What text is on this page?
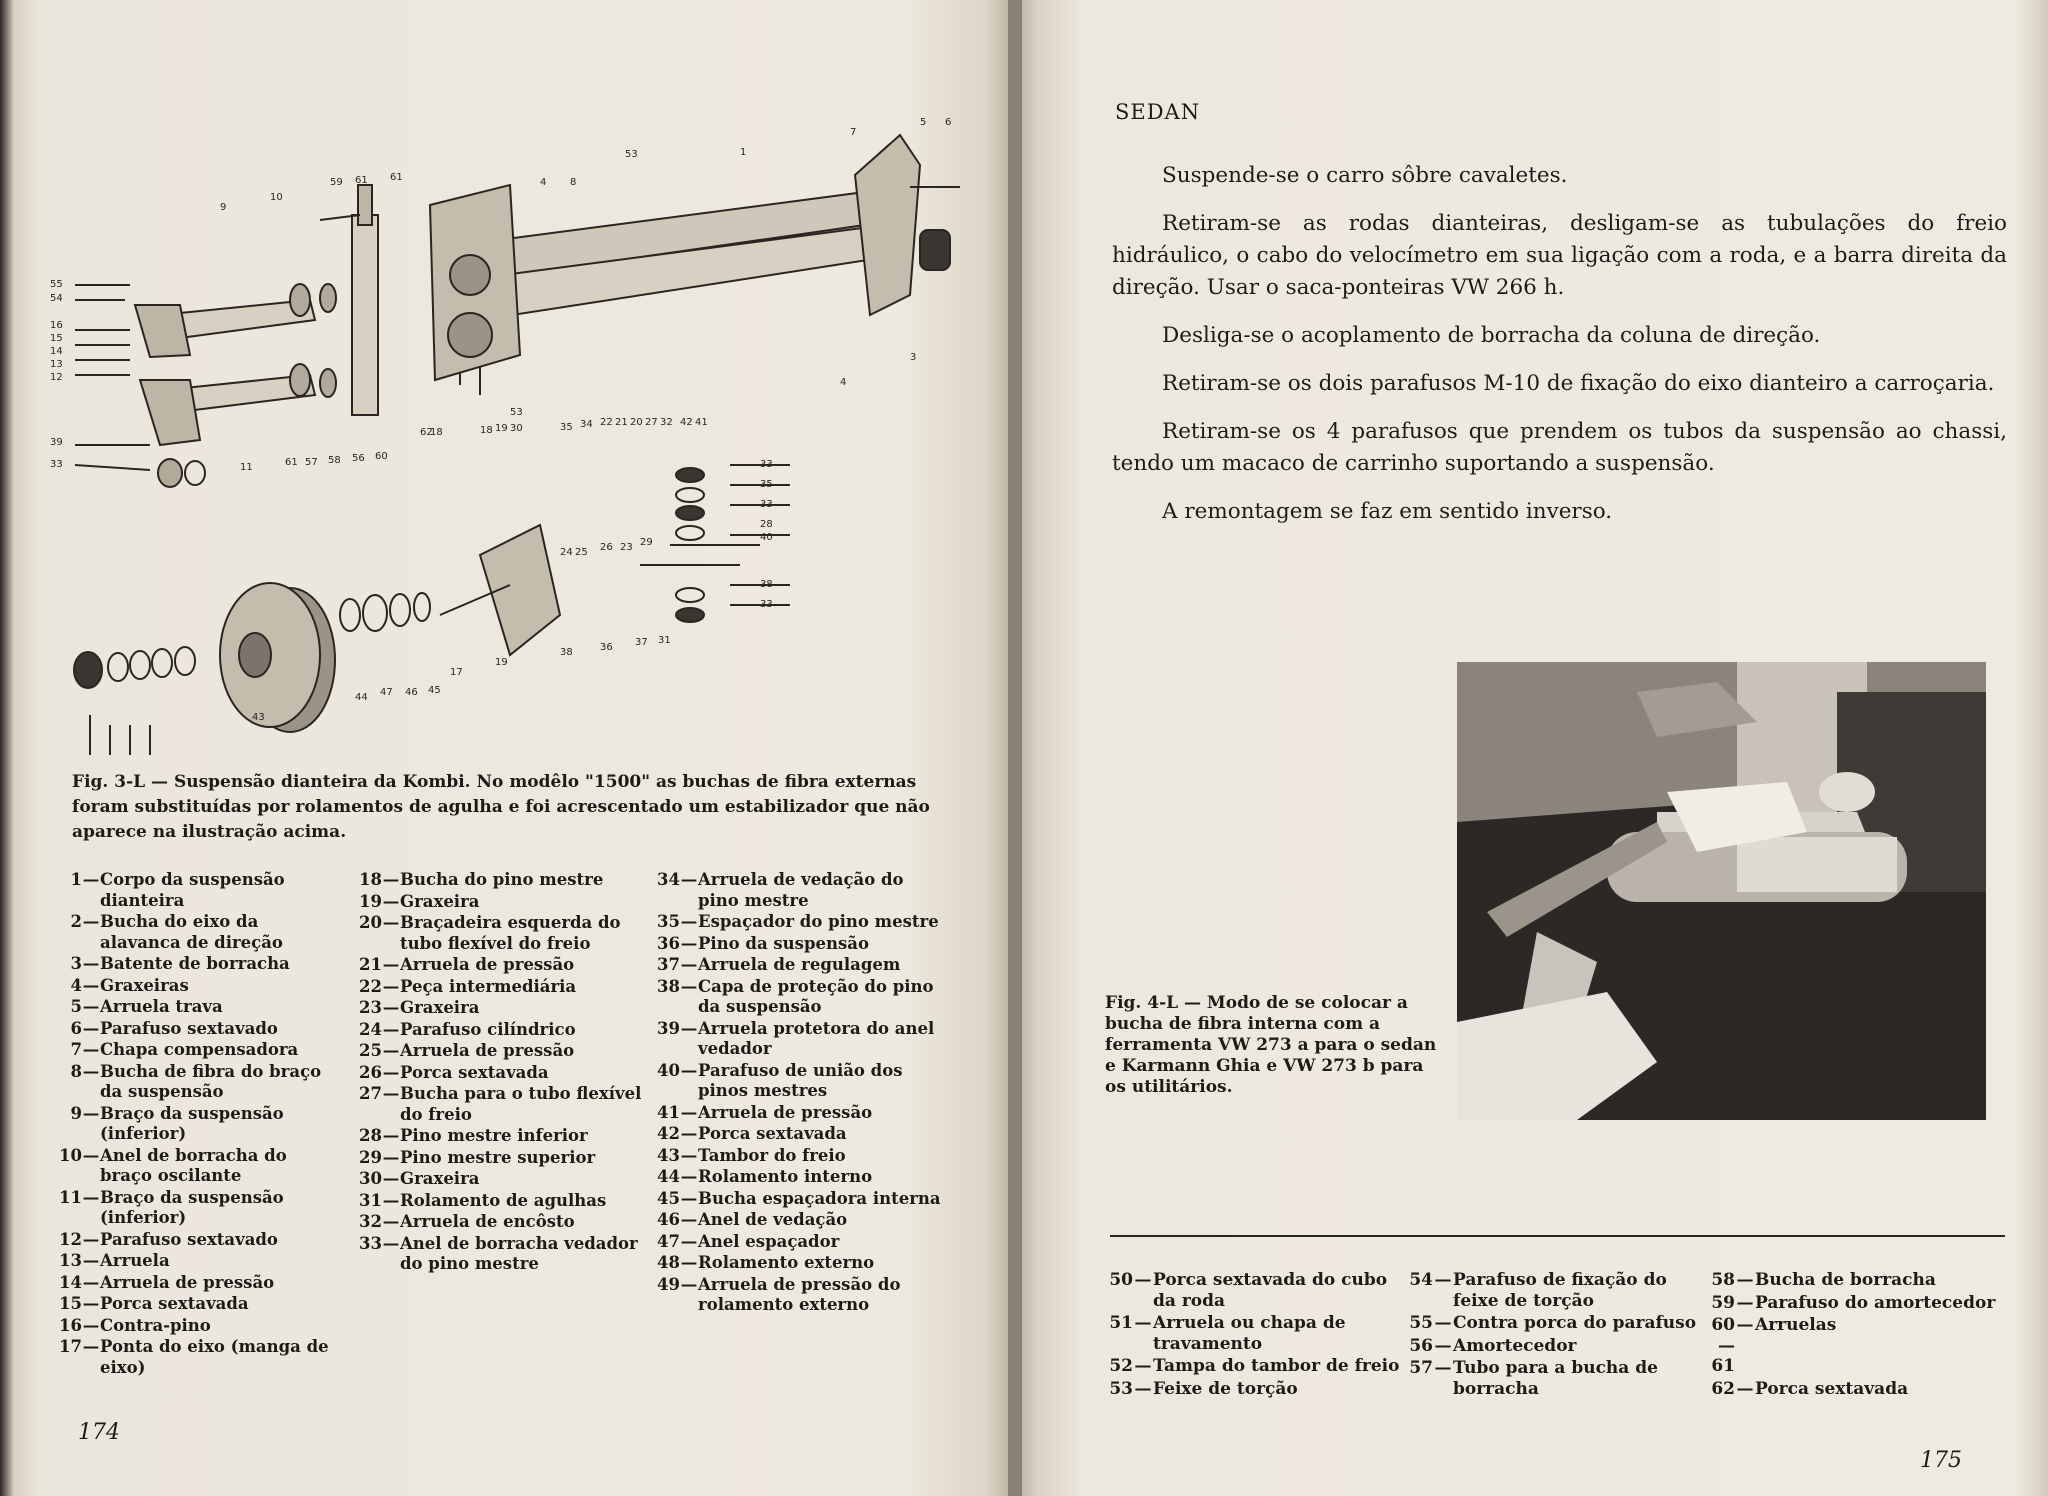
1
3
4
4
5 6
7
8
9
10
11
12
13
14
15
16
17
18
19
55
54
39
33	33
35
33
28
40
38
33
38	36 37 31
44 47 46 45
43
61 57 58 56 60
62
53
53
59 61 61
22 21 20 27 32 42 41
35 34
18 19 30
24 25 26 23 29
Fig. 3-L — Suspensão dianteira da Kombi. No modêlo "1500" as buchas de fibra externas foram substituídas por rolamentos de agulha e foi acrescentado um estabilizador que não aparece na ilustração acima.
1 — Corpo da suspensão dianteira
2 — Bucha do eixo da alavanca de direção
3 — Batente de borracha
4 — Graxeiras
5 — Arruela trava
6 — Parafuso sextavado
7 — Chapa compensadora
8 — Bucha de fibra do braço da suspensão
9 — Braço da suspensão (inferior)
10 — Anel de borracha do braço oscilante
11 — Braço da suspensão (inferior)
12 — Parafuso sextavado
13 — Arruela
14 — Arruela de pressão
15 — Porca sextavada
16 — Contra-pino
17 — Ponta do eixo (manga de eixo)
18 — Bucha do pino mestre
19 — Graxeira
20 — Braçadeira esquerda do tubo flexível do freio
21 — Arruela de pressão
22 — Peça intermediária
23 — Graxeira
24 — Parafuso cilíndrico
25 — Arruela de pressão
26 — Porca sextavada
27 — Bucha para o tubo flexível do freio
28 — Pino mestre inferior
29 — Pino mestre superior
30 — Graxeira
31 — Rolamento de agulhas
32 — Arruela de encôsto
33 — Anel de borracha vedador do pino mestre
34 — Arruela de vedação do pino mestre
35 — Espaçador do pino mestre
36 — Pino da suspensão
37 — Arruela de regulagem
38 — Capa de proteção do pino da suspensão
39 — Arruela protetora do anel vedador
40 — Parafuso de união dos pinos mestres
41 — Arruela de pressão
42 — Porca sextavada
43 — Tambor do freio
44 — Rolamento interno
45 — Bucha espaçadora interna
46 — Anel de vedação
47 — Anel espaçador
48 — Rolamento externo
49 — Arruela de pressão do rolamento externo
174
SEDAN

Suspende-se o carro sôbre cavaletes.

Retiram-se as rodas dianteiras, desligam-se as tubulações do freio hidráulico, o cabo do velocímetro em sua ligação com a roda, e a barra direita da direção. Usar o saca-ponteiras VW 266 h.

Desliga-se o acoplamento de borracha da coluna de direção.

Retiram-se os dois parafusos M-10 de fixação do eixo dianteiro a carroçaria.

Retiram-se os 4 parafusos que prendem os tubos da suspensão ao chassi, tendo um macaco de carrinho suportando a suspensão.

A remontagem se faz em sentido inverso.

Fig. 4-L — Modo de se colocar a bucha de fibra interna com a ferramenta VW 273 a para o sedan e Karmann Ghia e VW 273 b para os utilitários.
50 — Porca sextavada do cubo da roda
51 — Arruela ou chapa de travamento
52 — Tampa do tambor de freio
53 — Feixe de torção
54 — Parafuso de fixação do feixe de torção
55 — Contra porca do parafuso
56 — Amortecedor
57 — Tubo para a bucha de borracha
58 — Bucha de borracha
59 — Parafuso do amortecedor
60 — 61
— Arruelas
62 — Porca sextavada
175
